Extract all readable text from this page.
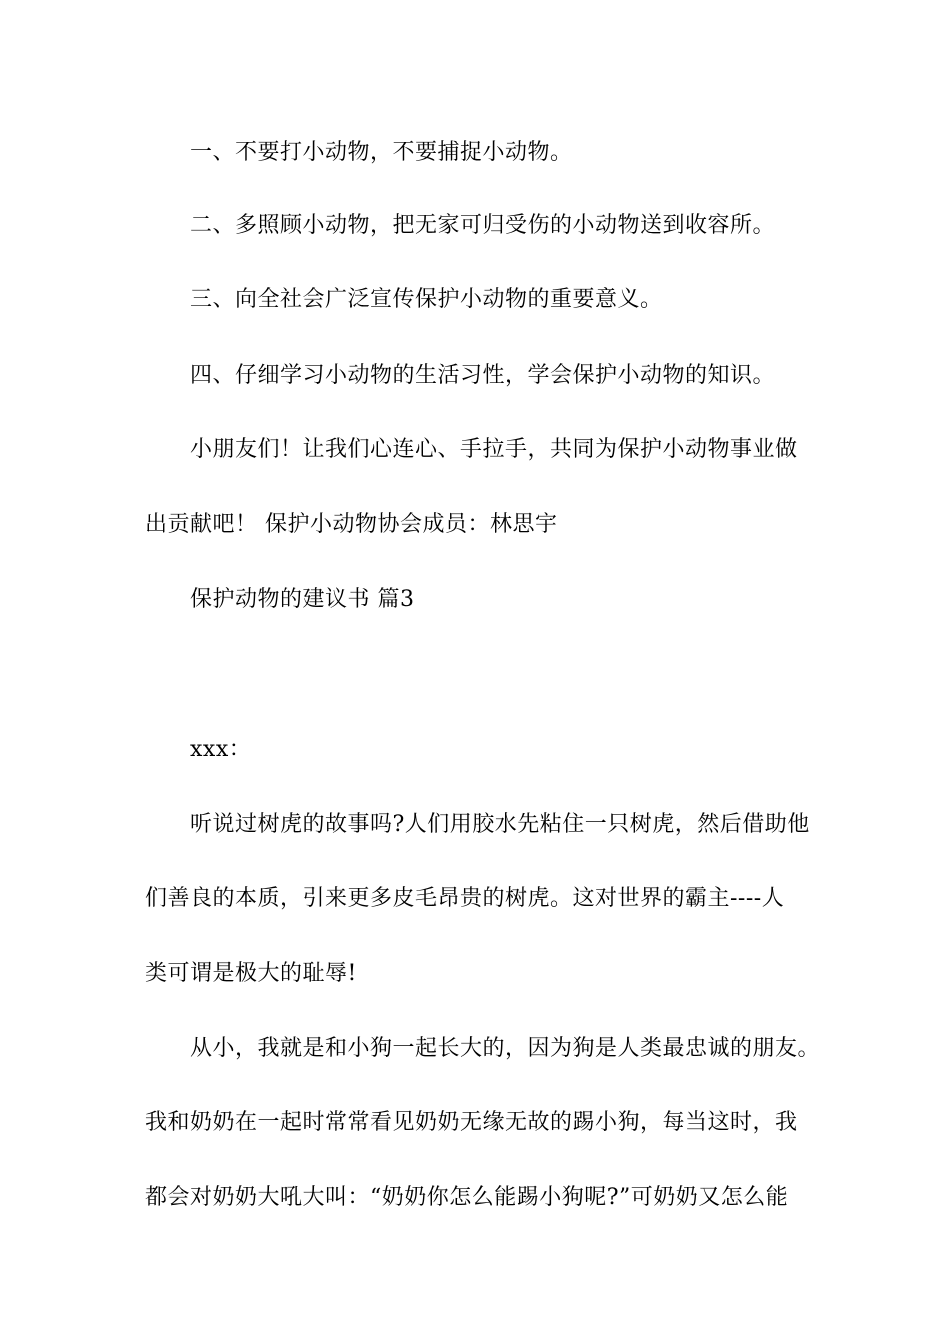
一、不要打小动物，不要捕捉小动物。
二、多照顾小动物，把无家可归受伤的小动物送到收容所。
三、向全社会广泛宣传保护小动物的重要意义。
四、仔细学习小动物的生活习性，学会保护小动物的知识。
小朋友们！让我们心连心、手拉手，共同为保护小动物事业做
出贡献吧！ 保护小动物协会成员：林思宇
保护动物的建议书 篇3
xxx：
听说过树虎的故事吗?人们用胶水先粘住一只树虎，然后借助他
们善良的本质，引来更多皮毛昂贵的树虎。这对世界的霸主----人
类可谓是极大的耻辱!
从小，我就是和小狗一起长大的，因为狗是人类最忠诚的朋友。
我和奶奶在一起时常常看见奶奶无缘无故的踢小狗，每当这时，我
都会对奶奶大吼大叫：“奶奶你怎么能踢小狗呢?”可奶奶又怎么能
